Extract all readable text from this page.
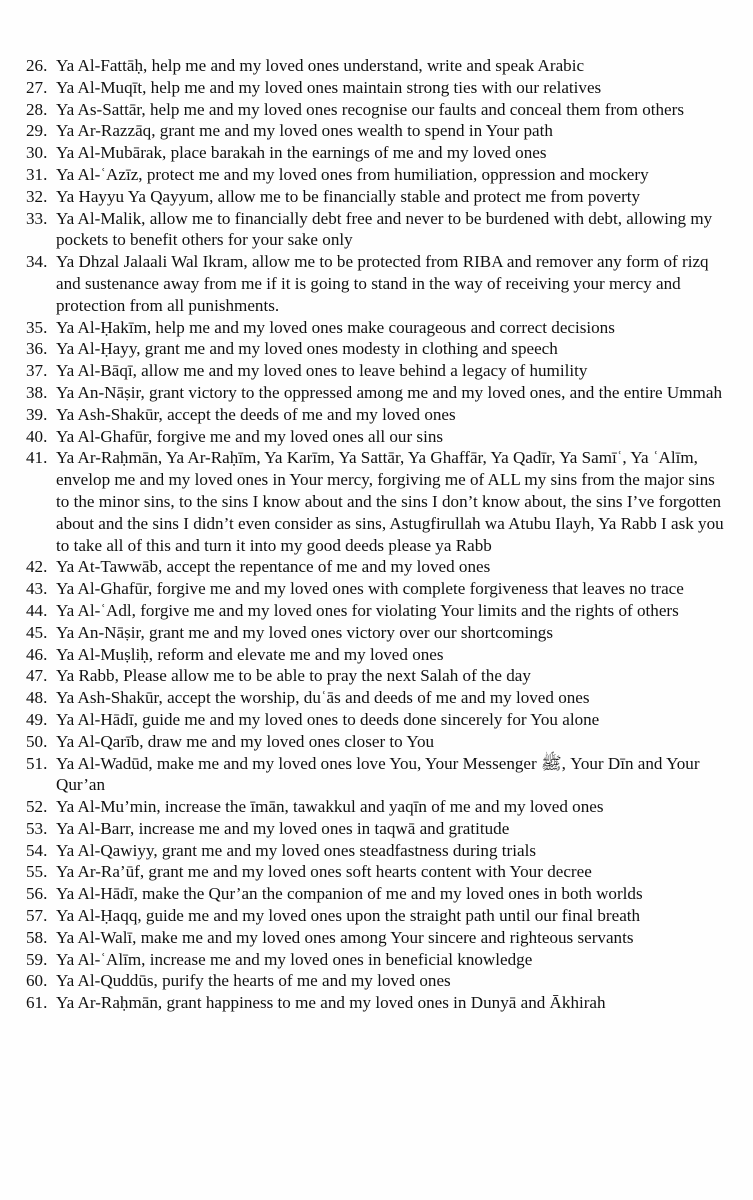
26. Ya Al-Fattāḥ, help me and my loved ones understand, write and speak Arabic
27. Ya Al-Muqīt, help me and my loved ones maintain strong ties with our relatives
28. Ya As-Sattār, help me and my loved ones recognise our faults and conceal them from others
29. Ya Ar-Razzāq, grant me and my loved ones wealth to spend in Your path
30. Ya Al-Mubārak, place barakah in the earnings of me and my loved ones
31. Ya Al-ʿAzīz, protect me and my loved ones from humiliation, oppression and mockery
32. Ya Hayyu Ya Qayyum, allow me to be financially stable and protect me from poverty
33. Ya Al-Malik, allow me to financially debt free and never to be burdened with debt, allowing my pockets to benefit others for your sake only
34. Ya Dhzal Jalaali Wal Ikram, allow me to be protected from RIBA and remover any form of rizq and sustenance away from me if it is going to stand in the way of receiving your mercy and protection from all punishments.
35. Ya Al-Ḥakīm, help me and my loved ones make courageous and correct decisions
36. Ya Al-Ḥayy, grant me and my loved ones modesty in clothing and speech
37. Ya Al-Bāqī, allow me and my loved ones to leave behind a legacy of humility
38. Ya An-Nāṣir, grant victory to the oppressed among me and my loved ones, and the entire Ummah
39. Ya Ash-Shakūr, accept the deeds of me and my loved ones
40. Ya Al-Ghafūr, forgive me and my loved ones all our sins
41. Ya Ar-Raḥmān, Ya Ar-Raḥīm, Ya Karīm, Ya Sattār, Ya Ghaffār, Ya Qadīr, Ya Samīʿ, Ya ʿAlīm, envelop me and my loved ones in Your mercy, forgiving me of ALL my sins from the major sins to the minor sins, to the sins I know about and the sins I don’t know about, the sins I’ve forgotten about and the sins I didn’t even consider as sins, Astugfirullah wa Atubu Ilayh, Ya Rabb I ask you to take all of this and turn it into my good deeds please ya Rabb
42. Ya At-Tawwāb, accept the repentance of me and my loved ones
43. Ya Al-Ghafūr, forgive me and my loved ones with complete forgiveness that leaves no trace
44. Ya Al-ʿAdl, forgive me and my loved ones for violating Your limits and the rights of others
45. Ya An-Nāṣir, grant me and my loved ones victory over our shortcomings
46. Ya Al-Muṣliḥ, reform and elevate me and my loved ones
47. Ya Rabb, Please allow me to be able to pray the next Salah of the day
48. Ya Ash-Shakūr, accept the worship, duʿās and deeds of me and my loved ones
49. Ya Al-Hādī, guide me and my loved ones to deeds done sincerely for You alone
50. Ya Al-Qarīb, draw me and my loved ones closer to You
51. Ya Al-Wadūd, make me and my loved ones love You, Your Messenger ﷺ, Your Dīn and Your Qur’an
52. Ya Al-Mu’min, increase the īmān, tawakkul and yaqīn of me and my loved ones
53. Ya Al-Barr, increase me and my loved ones in taqwā and gratitude
54. Ya Al-Qawiyy, grant me and my loved ones steadfastness during trials
55. Ya Ar-Ra’ūf, grant me and my loved ones soft hearts content with Your decree
56. Ya Al-Hādī, make the Qur’an the companion of me and my loved ones in both worlds
57. Ya Al-Ḥaqq, guide me and my loved ones upon the straight path until our final breath
58. Ya Al-Walī, make me and my loved ones among Your sincere and righteous servants
59. Ya Al-ʿAlīm, increase me and my loved ones in beneficial knowledge
60. Ya Al-Quddūs, purify the hearts of me and my loved ones
61. Ya Ar-Raḥmān, grant happiness to me and my loved ones in Dunyā and Ākhirah
